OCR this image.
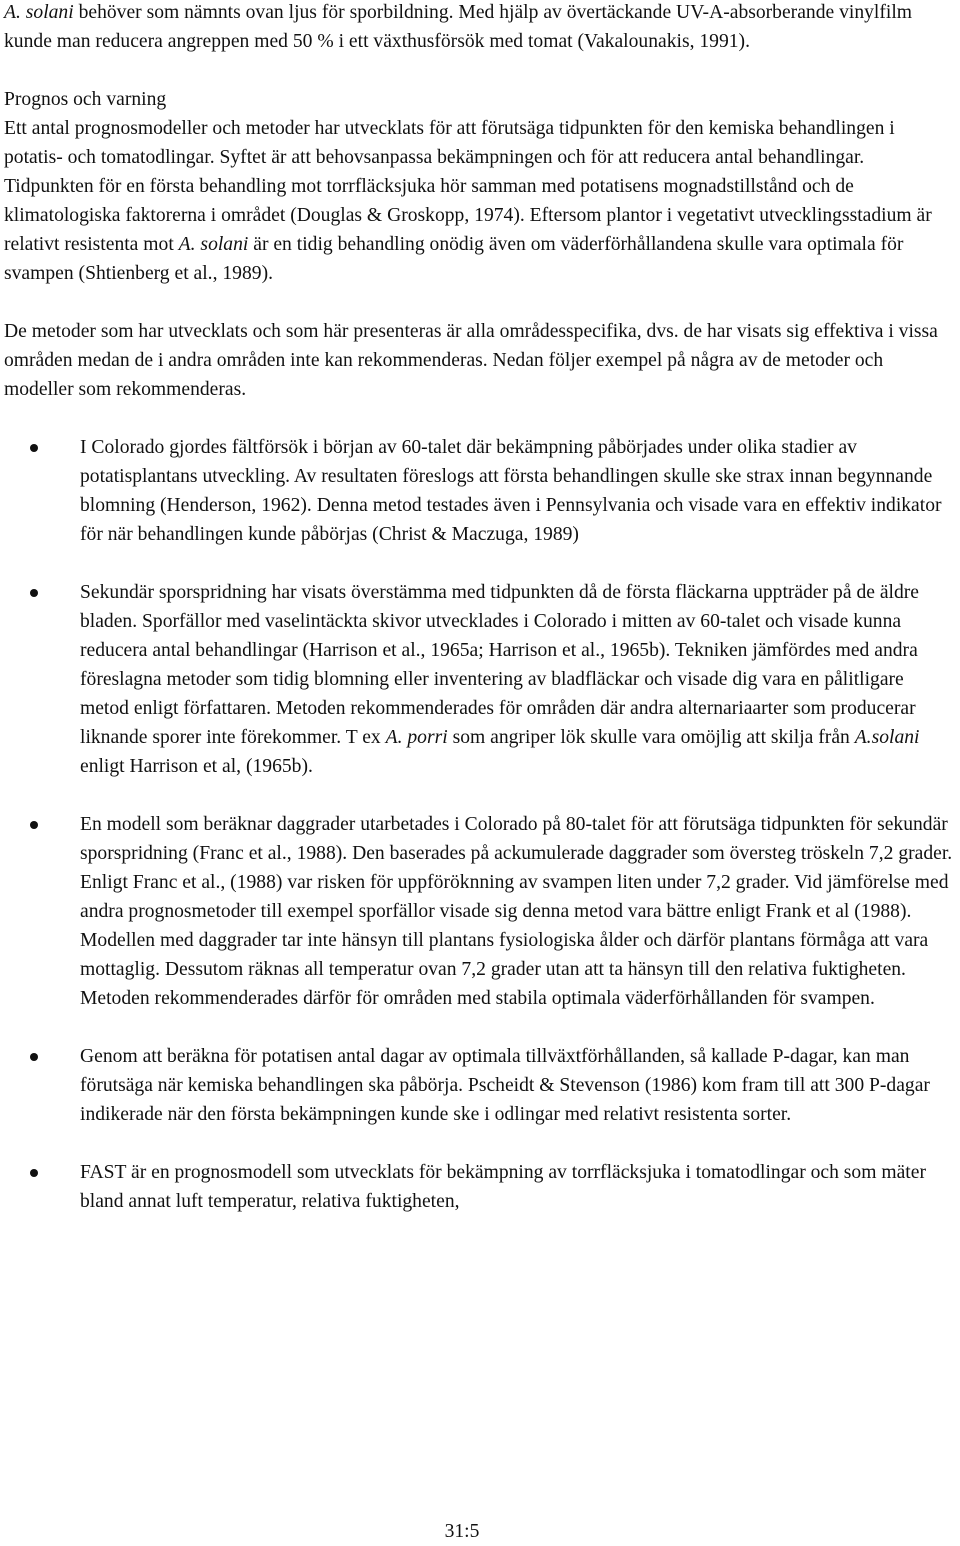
A. solani behöver som nämnts ovan ljus för sporbildning. Med hjälp av övertäckande UV-A-absorberande vinylfilm kunde man reducera angreppen med 50 % i ett växthusförsök med tomat (Vakalounakis, 1991).

Prognos och varning

Ett antal prognosmodeller och metoder har utvecklats för att förutsäga tidpunkten för den kemiska behandlingen i potatis- och tomatodlingar. Syftet är att behovsanpassa bekämpningen och för att reducera antal behandlingar. Tidpunkten för en första behandling mot torrfläcksjuka hör samman med potatisens mognadstillstånd och de klimatologiska faktorerna i området (Douglas & Groskopp, 1974). Eftersom plantor i vegetativt utvecklingsstadium är relativt resistenta mot A. solani är en tidig behandling onödig även om väderförhållandena skulle vara optimala för svampen (Shtienberg et al., 1989).

De metoder som har utvecklats och som här presenteras är alla områdesspecifika, dvs. de har visats sig effektiva i vissa områden medan de i andra områden inte kan rekommenderas. Nedan följer exempel på några av de metoder och modeller som rekommenderas.

I Colorado gjordes fältförsök i början av 60-talet där bekämpning påbörjades under olika stadier av potatisplantans utveckling. Av resultaten föreslogs att första behandlingen skulle ske strax innan begynnande blomning (Henderson, 1962). Denna metod testades även i Pennsylvania och visade vara en effektiv indikator för när behandlingen kunde påbörjas (Christ & Maczuga, 1989)
Sekundär sporspridning har visats överstämma med tidpunkten då de första fläckarna uppträder på de äldre bladen. Sporfällor med vaselintäckta skivor utvecklades i Colorado i mitten av 60-talet och visade kunna reducera antal behandlingar (Harrison et al., 1965a; Harrison et al., 1965b). Tekniken jämfördes med andra föreslagna metoder som tidig blomning eller inventering av bladfläckar och visade dig vara en pålitligare metod enligt författaren. Metoden rekommenderades för områden där andra alternariaarter som producerar liknande sporer inte förekommer. T ex A. porri som angriper lök skulle vara omöjlig att skilja från A.solani enligt Harrison et al, (1965b).
En modell som beräknar daggrader utarbetades i Colorado på 80-talet för att förutsäga tidpunkten för sekundär sporspridning (Franc et al., 1988). Den baserades på ackumulerade daggrader som översteg tröskeln 7,2 grader. Enligt Franc et al., (1988) var risken för uppföröknning av svampen liten under 7,2 grader. Vid jämförelse med andra prognosmetoder till exempel sporfällor visade sig denna metod vara bättre enligt Frank et al (1988). Modellen med daggrader tar inte hänsyn till plantans fysiologiska ålder och därför plantans förmåga att vara mottaglig. Dessutom räknas all temperatur ovan 7,2 grader utan att ta hänsyn till den relativa fuktigheten. Metoden rekommenderades därför för områden med stabila optimala väderförhållanden för svampen.
Genom att beräkna för potatisen antal dagar av optimala tillväxtförhållanden, så kallade P-dagar, kan man förutsäga när kemiska behandlingen ska påbörja. Pscheidt & Stevenson (1986) kom fram till att 300 P-dagar indikerade när den första bekämpningen kunde ske i odlingar med relativt resistenta sorter.
FAST är en prognosmodell som utvecklats för bekämpning av torrfläcksjuka i tomatodlingar och som mäter bland annat luft temperatur, relativa fuktigheten,
31:5
